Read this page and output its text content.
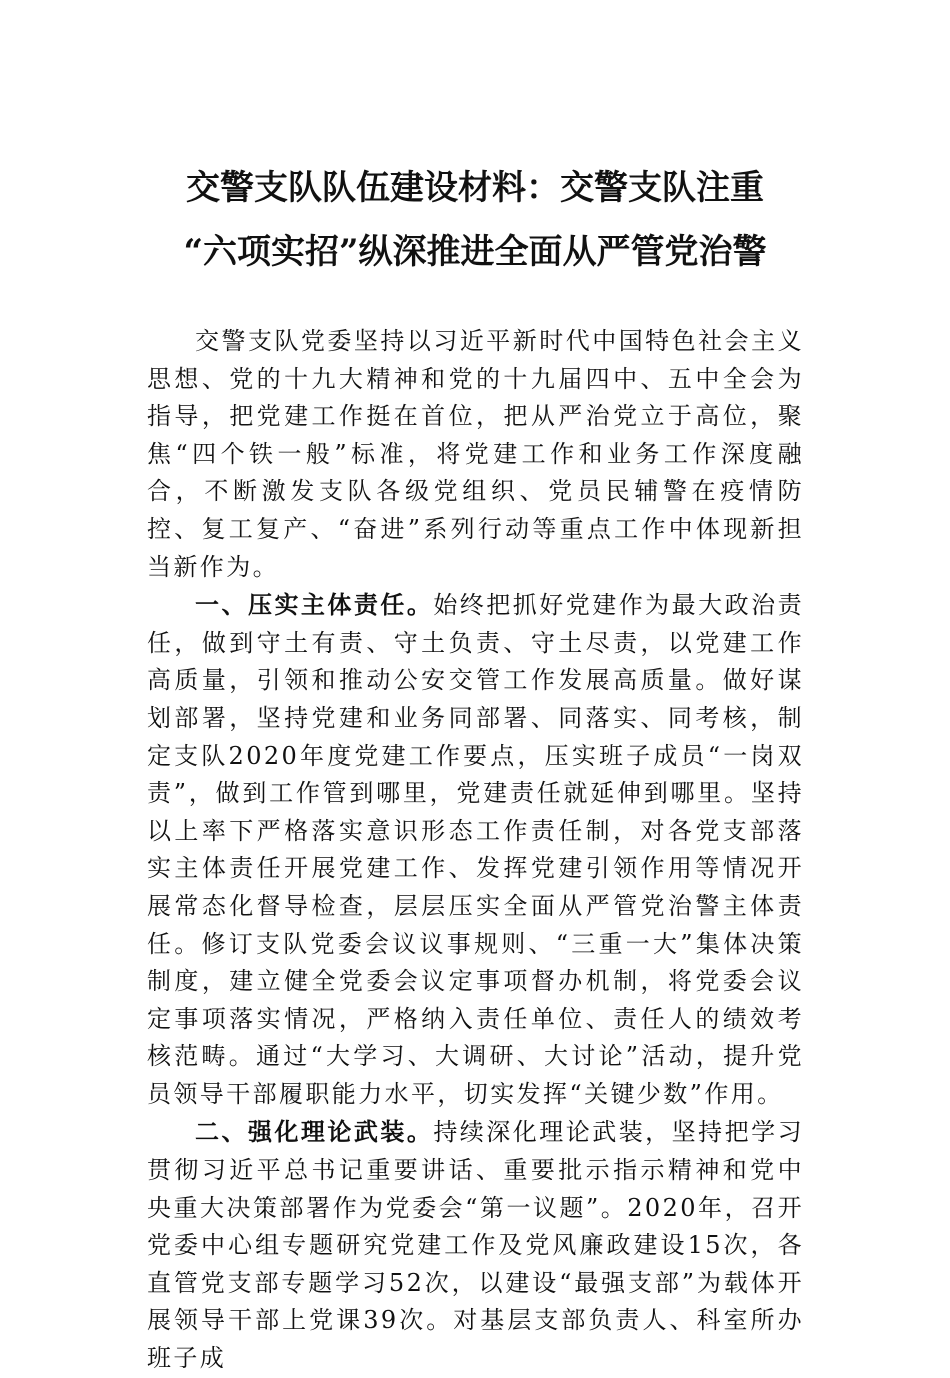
交警支队队伍建设材料：交警支队注重
“六项实招”纵深推进全面从严管党治警

交警支队党委坚持以习近平新时代中国特色社会主义思想、党的十九大精神和党的十九届四中、五中全会为指导，把党建工作挺在首位，把从严治党立于高位，聚焦“四个铁一般”标准，将党建工作和业务工作深度融合，不断激发支队各级党组织、党员民辅警在疫情防控、复工复产、“奋进”系列行动等重点工作中体现新担当新作为。

一、压实主体责任。始终把抓好党建作为最大政治责任，做到守土有责、守土负责、守土尽责，以党建工作高质量，引领和推动公安交管工作发展高质量。做好谋划部署，坚持党建和业务同部署、同落实、同考核，制定支队2020年度党建工作要点，压实班子成员“一岗双责”，做到工作管到哪里，党建责任就延伸到哪里。坚持以上率下严格落实意识形态工作责任制，对各党支部落实主体责任开展党建工作、发挥党建引领作用等情况开展常态化督导检查，层层压实全面从严管党治警主体责任。修订支队党委会议议事规则、“三重一大”集体决策制度，建立健全党委会议定事项督办机制，将党委会议定事项落实情况，严格纳入责任单位、责任人的绩效考核范畴。通过“大学习、大调研、大讨论”活动，提升党员领导干部履职能力水平，切实发挥“关键少数”作用。

二、强化理论武装。持续深化理论武装，坚持把学习贯彻习近平总书记重要讲话、重要批示指示精神和党中央重大决策部署作为党委会“第一议题”。2020年，召开党委中心组专题研究党建工作及党风廉政建设15次，各直管党支部专题学习52次，以建设“最强支部”为载体开展领导干部上党课39次。对基层支部负责人、科室所办班子成
